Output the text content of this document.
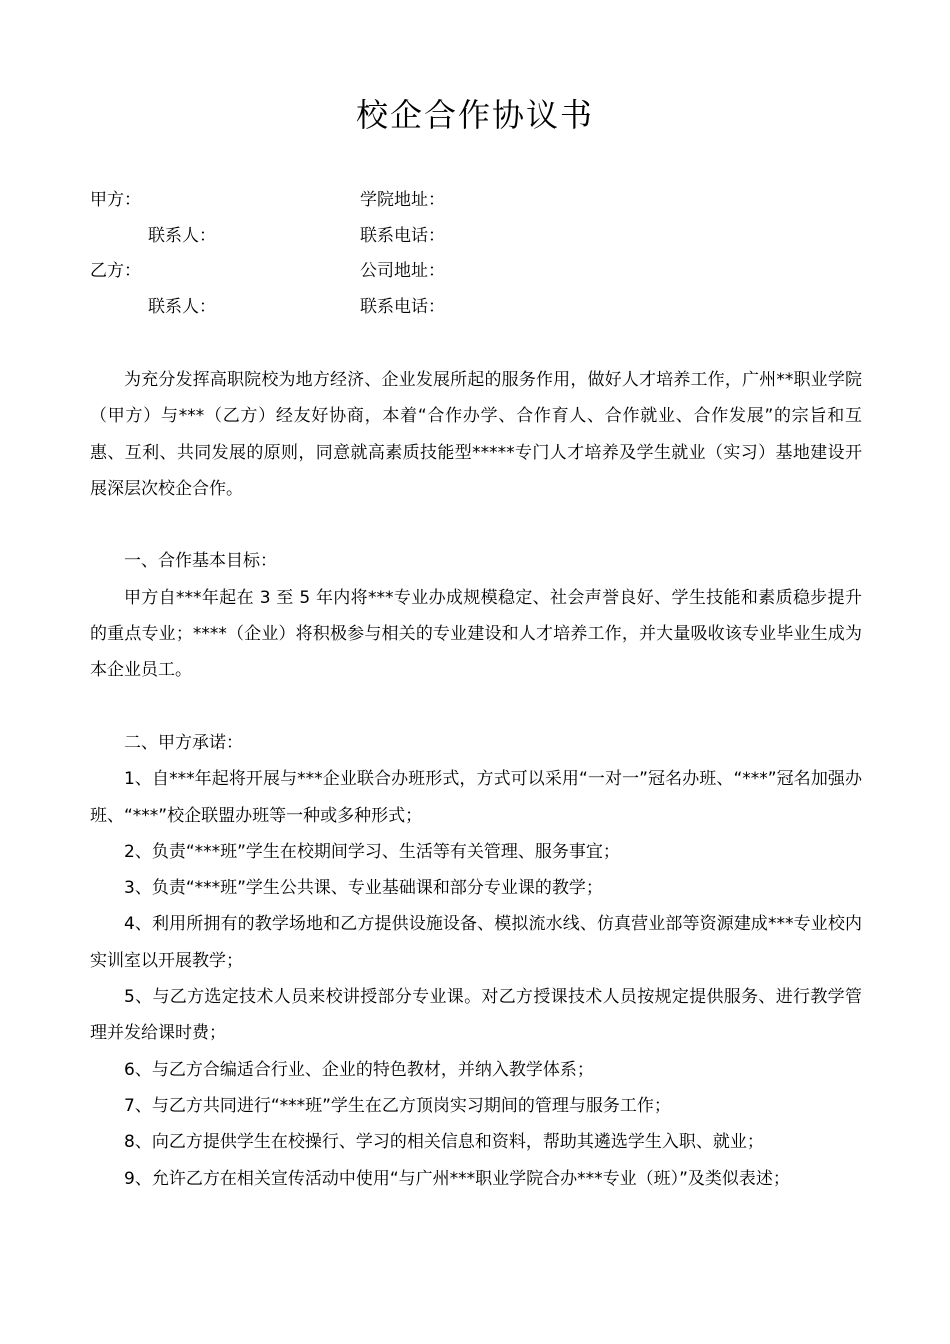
校企合作协议书
甲方：	学院地址：
联系人：	联系电话：
乙方：	公司地址：
联系人：	联系电话：

为充分发挥高职院校为地方经济、企业发展所起的服务作用，做好人才培养工作，广州**职业学院（甲方）与***（乙方）经友好协商，本着“合作办学、合作育人、合作就业、合作发展”的宗旨和互惠、互利、共同发展的原则，同意就高素质技能型*****专门人才培养及学生就业（实习）基地建设开展深层次校企合作。

一、合作基本目标：

甲方自***年起在 3 至 5 年内将***专业办成规模稳定、社会声誉良好、学生技能和素质稳步提升的重点专业；****（企业）将积极参与相关的专业建设和人才培养工作，并大量吸收该专业毕业生成为本企业员工。

二、甲方承诺：

1、自***年起将开展与***企业联合办班形式，方式可以采用“一对一”冠名办班、“***”冠名加强办班、“***”校企联盟办班等一种或多种形式；

2、负责“***班”学生在校期间学习、生活等有关管理、服务事宜；

3、负责“***班”学生公共课、专业基础课和部分专业课的教学；

4、利用所拥有的教学场地和乙方提供设施设备、模拟流水线、仿真营业部等资源建成***专业校内实训室以开展教学；

5、与乙方选定技术人员来校讲授部分专业课。对乙方授课技术人员按规定提供服务、进行教学管理并发给课时费；

6、与乙方合编适合行业、企业的特色教材，并纳入教学体系；

7、与乙方共同进行“***班”学生在乙方顶岗实习期间的管理与服务工作；

8、向乙方提供学生在校操行、学习的相关信息和资料，帮助其遴选学生入职、就业；

9、允许乙方在相关宣传活动中使用“与广州***职业学院合办***专业（班）”及类似表述；
